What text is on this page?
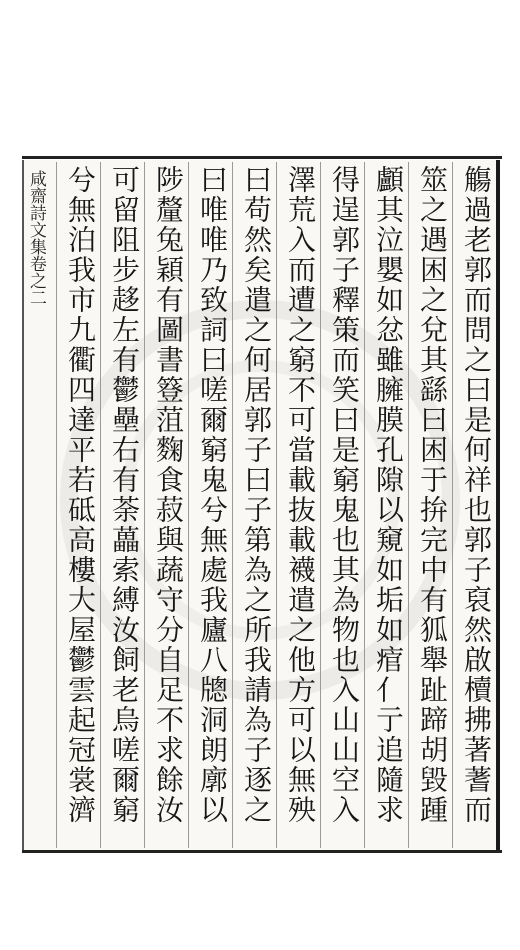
咸齋詩文集卷之二	觴過老郭而問之曰是何祥也郭子裒然啟櫝拂著蓍而
筮之遇困之兌其繇曰困于拚完中有狐舉趾蹄胡毀踵
顱其泣嬰如忿雖臃膜孔隙以窺如垢如痯亻亍追隨求
得逞郭子釋策而笑曰是窮鬼也其為物也入山山空入
澤荒入而遭之窮不可當載抜載襪遣之他方可以無殃
曰苟然矣遣之何居郭子曰子第為之所我請為子逐之
曰唯唯乃致詞曰嗟爾窮鬼兮無處我廬八牕洞朗廓以
陟釐兔穎有圖書簦菹麴食菽與蔬守分自足不求餘汝
可留阻步趍左有鬱壘右有荼藟索縛汝飼老烏嗟爾窮
兮無泊我市九衢四達平若砥高樓大屋鬱雲起冠裳濟
